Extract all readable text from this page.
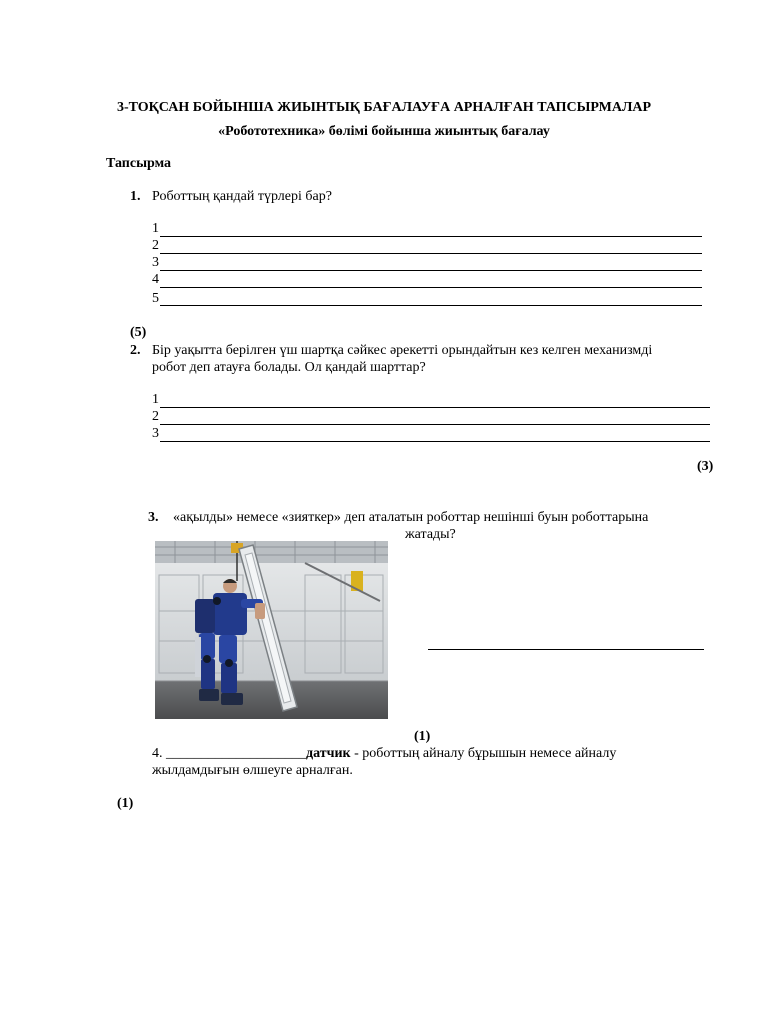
3-ТОҚСАН БОЙЫНША ЖИЫНТЫҚ БАҒАЛАУҒА АРНАЛҒАН ТАПСЫРМАЛАР
«Робототехника» бөлімі бойынша жиынтық бағалау
Тапсырма
1. Роботтың қандай түрлері бар?
1
2
3
4
5
(5)
2. Бір уақытта берілген үш шартқа сәйкес әрекетті орындайтын кез келген механизмді
робот деп атауға болады. Ол қандай шарттар?
1
2
3
(3)
3. «ақылды» немесе «зияткер» деп аталатын роботтар нешінші буын роботтарына
жатады?
(1)
4. ____________________датчик - роботтың айналу бұрышын немесе айналу
жылдамдығын өлшеуге арналған.
(1)
